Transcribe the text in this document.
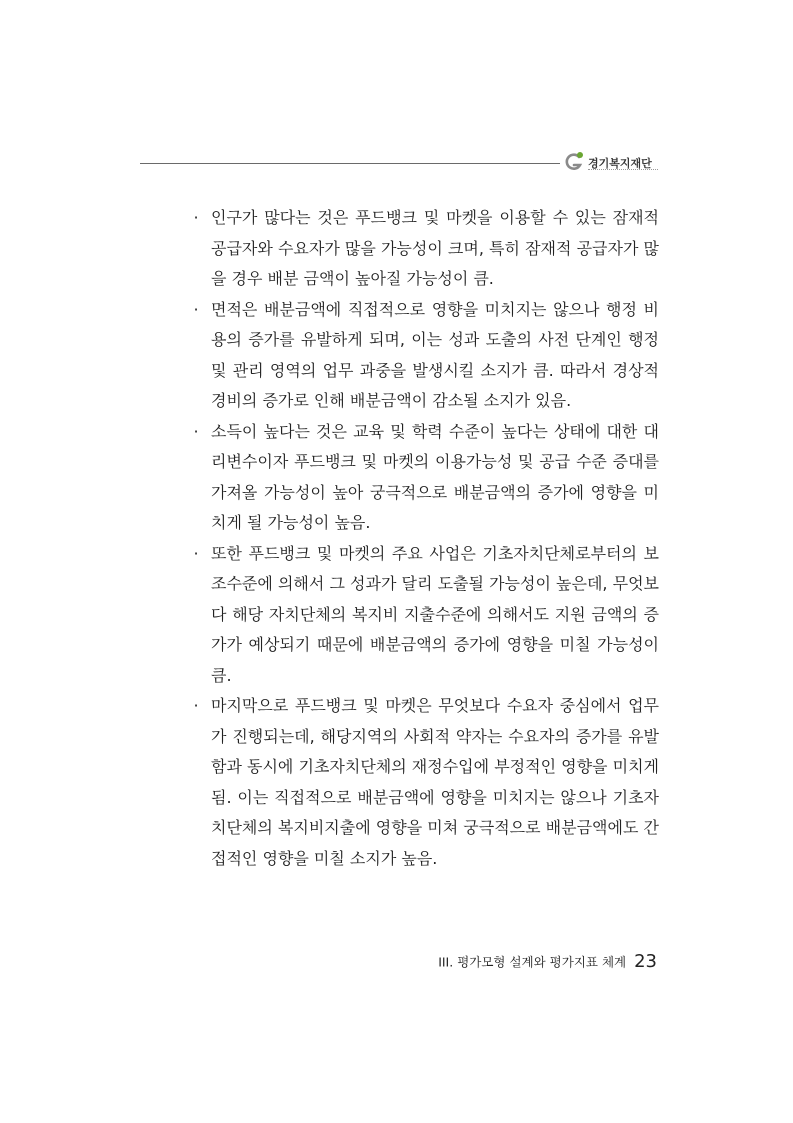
경기복지재단
· 인구가 많다는 것은 푸드뱅크 및 마켓을 이용할 수 있는 잠재적 공급자와 수요자가 많을 가능성이 크며, 특히 잠재적 공급자가 많을 경우 배분 금액이 높아질 가능성이 큼.
· 면적은 배분금액에 직접적으로 영향을 미치지는 않으나 행정 비용의 증가를 유발하게 되며, 이는 성과 도출의 사전 단계인 행정 및 관리 영역의 업무 과중을 발생시킬 소지가 큼. 따라서 경상적 경비의 증가로 인해 배분금액이 감소될 소지가 있음.
· 소득이 높다는 것은 교육 및 학력 수준이 높다는 상태에 대한 대리변수이자 푸드뱅크 및 마켓의 이용가능성 및 공급 수준 증대를 가져올 가능성이 높아 궁극적으로 배분금액의 증가에 영향을 미치게 될 가능성이 높음.
· 또한 푸드뱅크 및 마켓의 주요 사업은 기초자치단체로부터의 보조수준에 의해서 그 성과가 달리 도출될 가능성이 높은데, 무엇보다 해당 자치단체의 복지비 지출수준에 의해서도 지원 금액의 증가가 예상되기 때문에 배분금액의 증가에 영향을 미칠 가능성이 큼.
· 마지막으로 푸드뱅크 및 마켓은 무엇보다 수요자 중심에서 업무가 진행되는데, 해당지역의 사회적 약자는 수요자의 증가를 유발함과 동시에 기초자치단체의 재정수입에 부정적인 영향을 미치게 됨. 이는 직접적으로 배분금액에 영향을 미치지는 않으나 기초자치단체의 복지비지출에 영향을 미쳐 궁극적으로 배분금액에도 간접적인 영향을 미칠 소지가 높음.
III. 평가모형 설계와 평가지표 체계 23
